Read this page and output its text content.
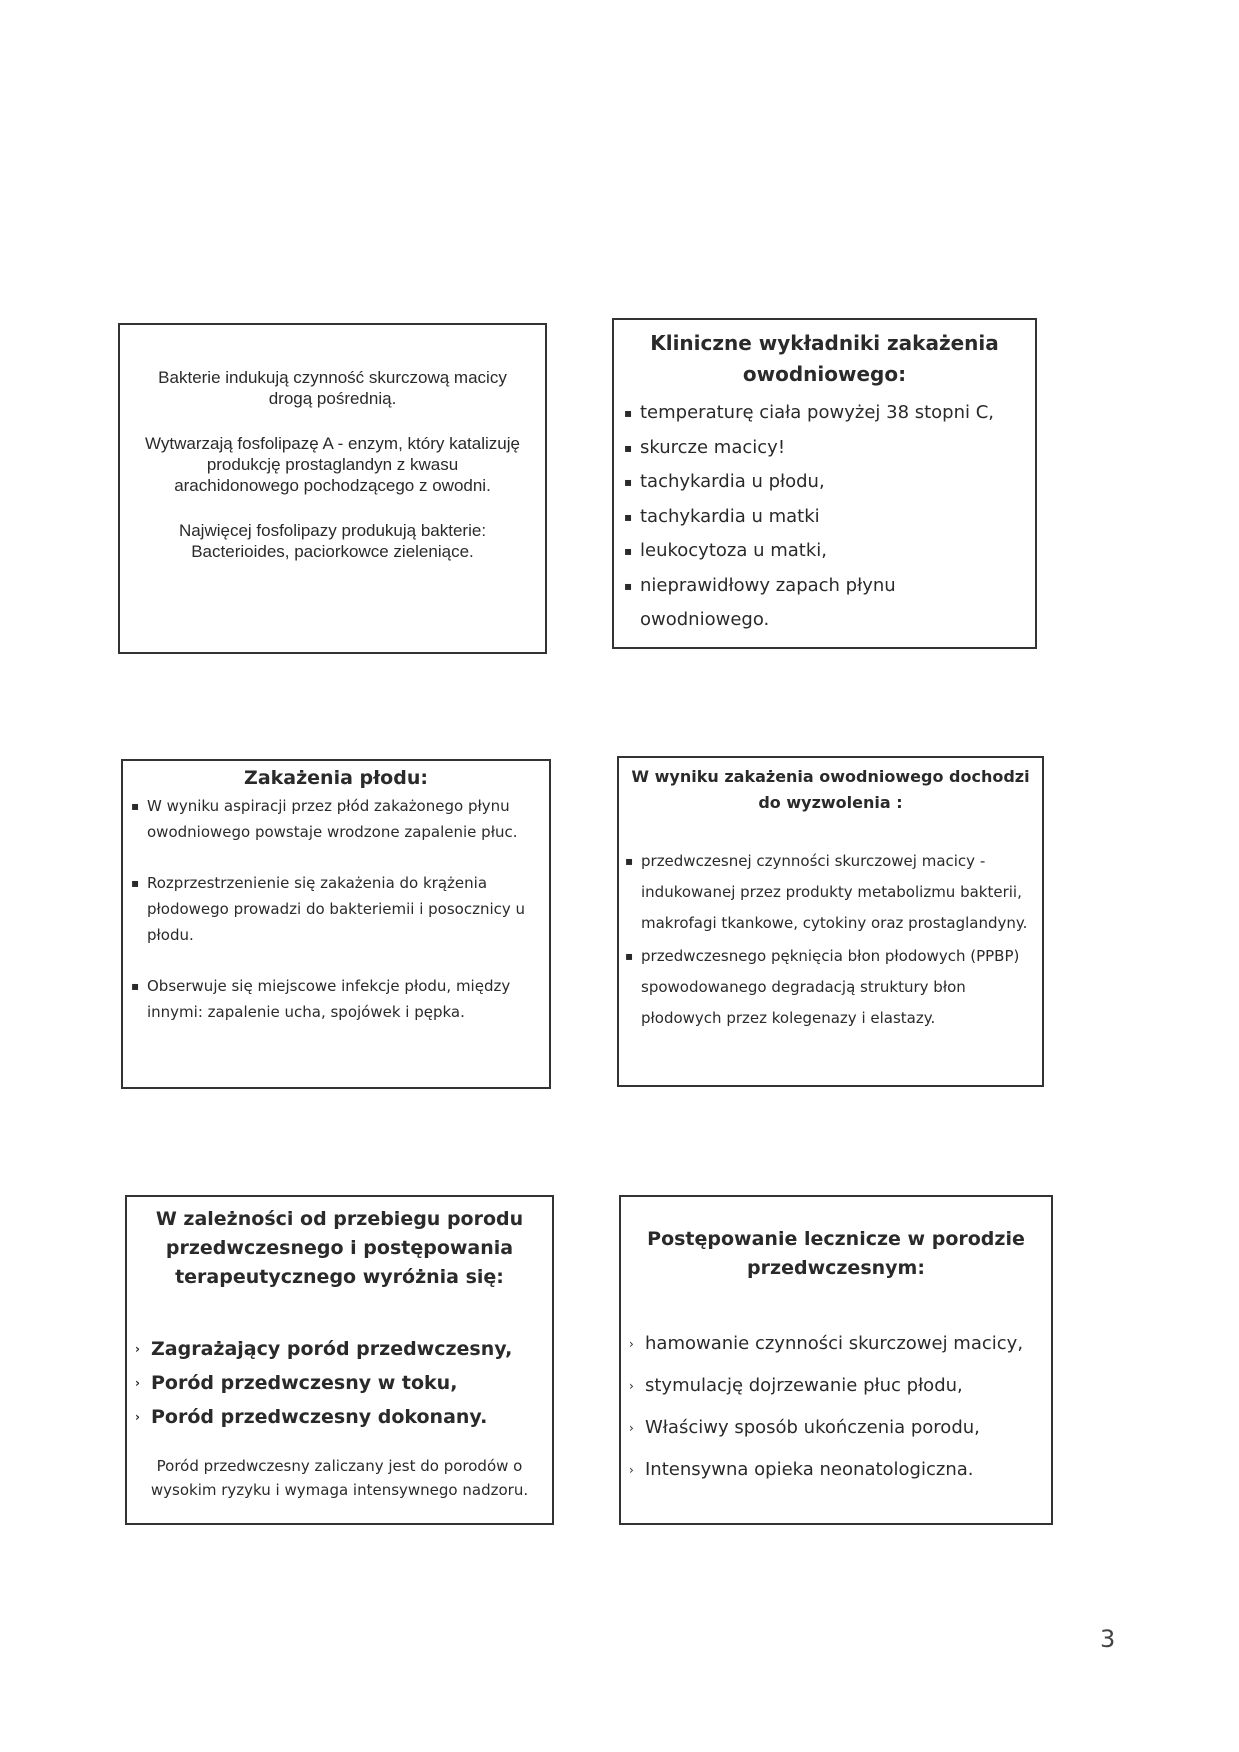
Bakterie indukują czynność skurczową macicy drogą pośrednią.

Wytwarzają fosfolipazę A - enzym, który katalizuję produkcję prostaglandyn z kwasu arachidonowego pochodzącego z owodni.

Najwięcej fosfolipazy produkują bakterie: Bacterioides, paciorkowce zieleniące.

Kliniczne wykładniki zakażenia owodniowego:
▪ temperaturę ciała powyżej 38 stopni C,
▪ skurcze macicy!
▪ tachykardia u płodu,
▪ tachykardia u matki
▪ leukocytoza u matki,
▪ nieprawidłowy zapach płynu owodniowego.
Zakażenia płodu:
▪ W wyniku aspiracji przez płód zakażonego płynu owodniowego powstaje wrodzone zapalenie płuc.
▪ Rozprzestrzenienie się zakażenia do krążenia płodowego prowadzi do bakteriemii i posocznicy u płodu.
▪ Obserwuje się miejscowe infekcje płodu, między innymi: zapalenie ucha, spojówek i pępka.
W wyniku zakażenia owodniowego dochodzi do wyzwolenia :
▪ przedwczesnej czynności skurczowej macicy - indukowanej przez produkty metabolizmu bakterii, makrofagi tkankowe, cytokiny oraz prostaglandyny.
▪ przedwczesnego pęknięcia błon płodowych (PPBP) spowodowanego degradacją struktury błon płodowych przez kolegenazy i elastazy.
W zależności od przebiegu porodu przedwczesnego i postępowania terapeutycznego wyróżnia się:
› Zagrażający poród przedwczesny,
› Poród przedwczesny w toku,
› Poród przedwczesny dokonany.
Poród przedwczesny zaliczany jest do porodów o wysokim ryzyku i wymaga intensywnego nadzoru.
Postępowanie lecznicze w porodzie przedwczesnym:
› hamowanie czynności skurczowej macicy,
› stymulację dojrzewanie płuc płodu,
› Właściwy sposób ukończenia porodu,
› Intensywna opieka neonatologiczna.
3
